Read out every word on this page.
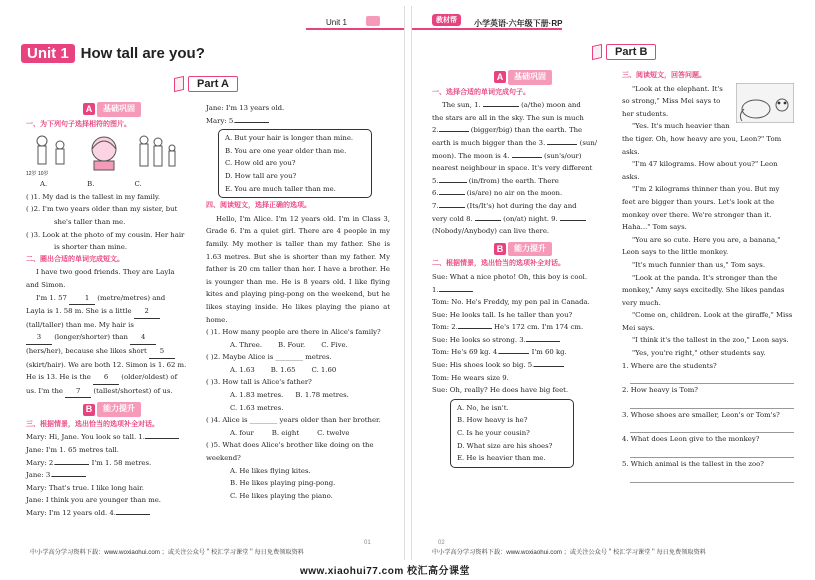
Unit 1
Unit 1 How tall are you?
Part A
A	基础巩固

一、为下列句子选择相符的图片。

12岁 10岁

A.	B.	C.

( )1. My dad is the tallest in my family.

( )2. I'm two years older than my sister, but

she's taller than me.

( )3. Look at the photo of my cousin. Her hair

is shorter than mine.

二、圈出合适的单词完成短文。

I have two good friends. They are Layla

and Simon.

I'm 1. 57	1 (metre/metres) and

Layla is 1. 58 m. She is a little 2

(tall/taller) than me. My hair is

3 (longer/shorter) than 4

(hers/her), because she likes short 5

(skirt/hair). We are both 12. Simon is 1. 62 m.

He is 13. He is the 6 (older/oldest) of

us. I'm the 7 (tallest/shortest) of us.

B	能力提升

三、根据情景，选出恰当的选项补全对话。

Mary: Hi, Jane. You look so tall. 1.

Jane: I'm 1. 65 metres tall.

Mary: 2.	I'm 1. 58 metres.

Jane: 3.

Mary: That's true. I like long hair.

Jane: I think you are younger than me.

Mary: I'm 12 years old. 4.

Jane: I'm 13 years old.

Mary: 5.

A. But your hair is longer than mine.

B. You are one year older than me.

C. How old are you?

D. How tall are you?

E. You are much taller than me.

四、阅读短文，选择正确的选项。

Hello, I'm Alice. I'm 12 years old. I'm in Class 3, Grade 6. I'm a quiet girl. There are 4 people in my family. My mother is taller than my father. She is 1.63 metres. But she is shorter than my father. My father is 20 cm taller than her. I have a brother. He is younger than me. He is 8 years old. I like flying kites and playing ping-pong on the weekend, but he likes staying inside. He likes playing the piano at home.

( )1. How many people are there in Alice's family?

A. Three. B. Four. C. Five.

( )2. Maybe Alice is ________ metres.

A. 1.63 B. 1.65 C. 1.60

( )3. How tall is Alice's father?

A. 1.83 metres. B. 1.78 metres.

C. 1.63 metres.

( )4. Alice is ________ years older than her brother.

A. four	B. eight	C. twelve

( )5. What does Alice's brother like doing on the weekend?

A. He likes flying kites.

B. He likes playing ping-pong.

C. He likes playing the piano.

01
中小学高分学习资料下载：www.woxiaohui.com ；或关注公众号＂校汇学习课堂＂每日免费领取资料
教材帮	小学英语·六年级下册·RP
Part B
A	基础巩固

一、选择合适的单词完成句子。

The sun, 1.	(a/the) moon and

the stars are all in the sky. The sun is much

2.	(bigger/big) than the earth. The

earth is much bigger than the 3.	(sun/

moon). The moon is 4.	(sun's/our)

nearest neighbour in space. It's very different

5.	(in/from) the earth. There

6.	(is/are) no air on the moon.

7.	(Its/It's) hot during the day and

very cold 8.	(on/at) night. 9.

(Nobody/Anybody) can live there.

B	能力提升

二、根据情景，选出恰当的选项补全对话。

Sue: What a nice photo! Oh, this boy is cool.

1.

Tom: No. He's Freddy, my pen pal in Canada.

Sue: He looks tall. Is he taller than you?

Tom: 2.	He's 172 cm. I'm 174 cm.

Sue: He looks so strong. 3.

Tom: He's 69 kg. 4.	I'm 60 kg.

Sue: His shoes look so big. 5.

Tom: He wears size 9.

Sue: Oh, really? He does have big feet.

A. No, he isn't.

B. How heavy is he?

C. Is he your cousin?

D. What size are his shoes?

E. He is heavier than me.

三、阅读短文，回答问题。

"Look at the elephant. It's so strong," Miss Mei says to her students.

"Yes. It's much heavier than the tiger. Oh, how heavy are you, Leon?" Tom asks.

"I'm 47 kilograms. How about you?" Leon asks.

"I'm 2 kilograms thinner than you. But my feet are bigger than yours. Let's look at the monkey over there. We're stronger than it. Haha..." Tom says.

"You are so cute. Here you are, a banana," Leon says to the little monkey.

"It's much funnier than us," Tom says.

"Look at the panda. It's stronger than the monkey," Amy says excitedly. She likes pandas very much.

"Come on, children. Look at the giraffe," Miss Mei says.

"I think it's the tallest in the zoo," Leon says.

"Yes, you're right," other students say.

1. Where are the students?

2. How heavy is Tom?

3. Whose shoes are smaller, Leon's or Tom's?

4. What does Leon give to the monkey?

5. Which animal is the tallest in the zoo?

02
中小学高分学习资料下载：www.woxiaohui.com ；或关注公众号＂校汇学习课堂＂每日免费领取资料
www.xiaohui77.com 校汇高分课堂
